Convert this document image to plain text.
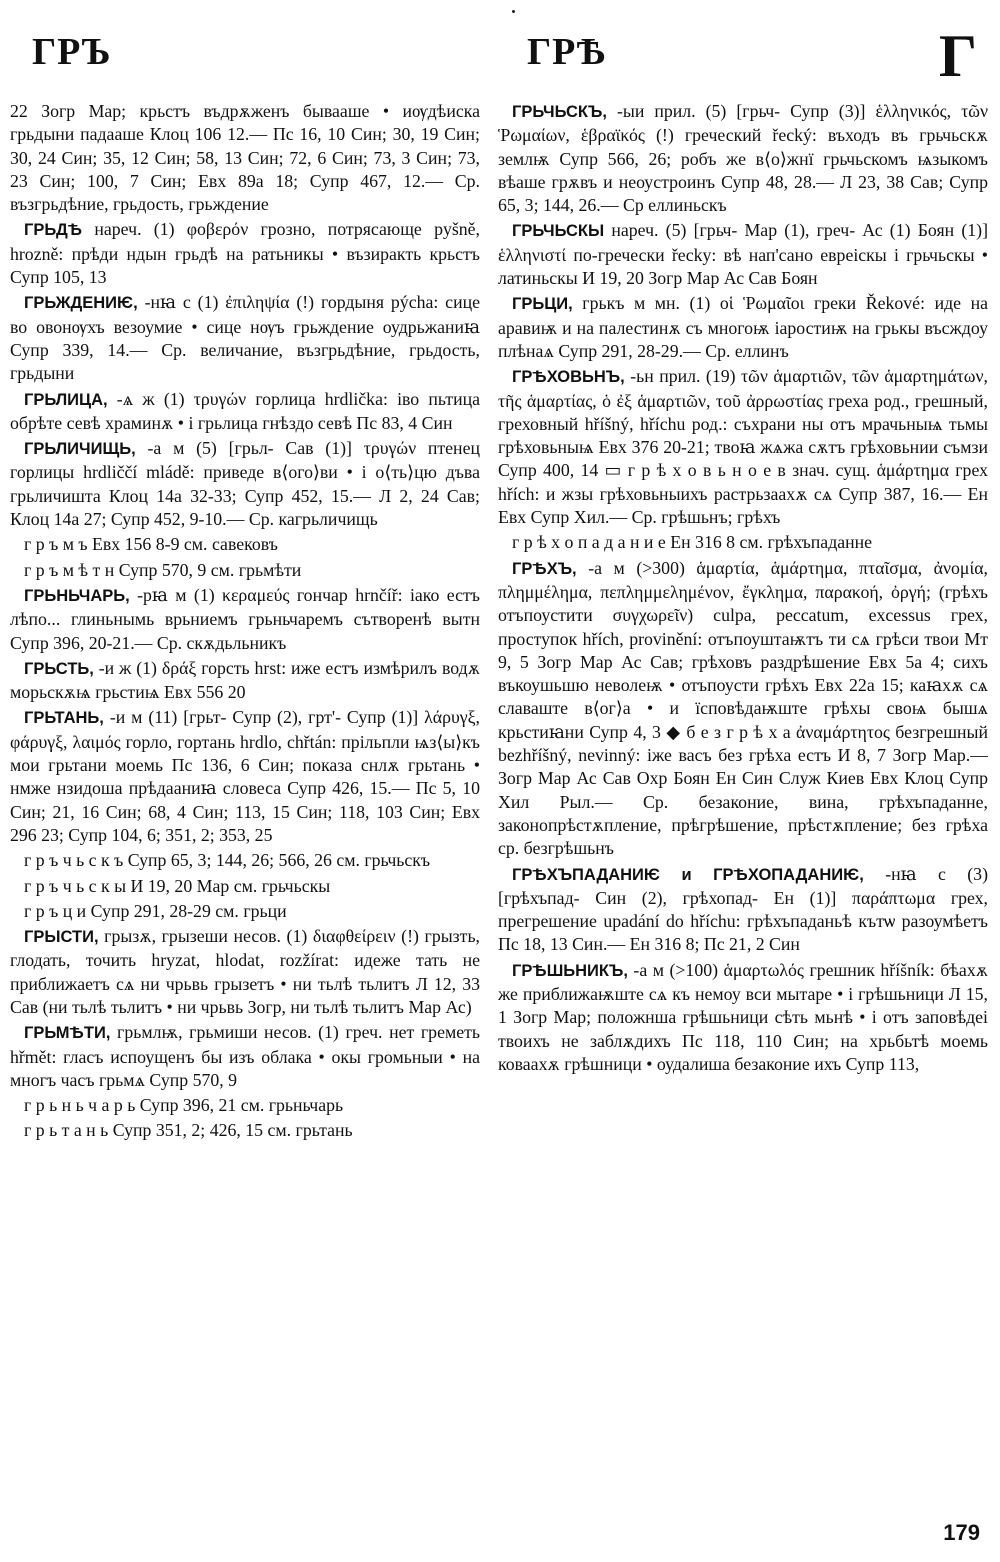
ГРЪ	ГРѢ	Г

22 Зогр Мар; крьстъ въдрѫженъ бывааше • иѹдѣиска грьдыни падааше Клоц 106 12.— Пс 16, 10 Син; 30, 19 Син; 30, 24 Син; 35, 12 Син; 58, 13 Син; 72, 6 Син; 73, 3 Син; 73, 23 Син; 100, 7 Син; Евх 89а 18; Супр 467, 12.— Ср. възгрьдѣние, грьдость, грьждение

ГРЬДѢ нареч. (1) φοβερόν грозно, потрясающе pyšně, hrozně: прѣди ндын грьдѣ на ратьникы • възиракть крьстъ Супр 105, 13

ГРЬЖДЕНИѤ, -нꙗ с (1) ἐπιληψία (!) гордыня pýcha: сице во овонѹхъ везоумие • сице нѹъ грьждение оудрьжаниꙗ Супр 339, 14.— Ср. величание, възгрьдѣние, грьдость, грьдыни

ГРЬЛИЦА, -ѧ ж (1) τρυγών горлица hrdlička: іво пьтица обрѣте севѣ храминѫ • і грьлица гнѣздо севѣ Пс 83, 4 Син

ГРЬЛИЧИЩЬ, -а м (5) [грьл- Сав (1)] τρυγών птенец горлицы hrdliččí mládě: приведе в⟨ого⟩ви • і о⟨ть⟩цю дъва грьличишта Клоц 14а 32-33; Супр 452, 15.— Л 2, 24 Сав; Клоц 14а 27; Супр 452, 9-10.— Ср. кагрьличищь

г р ъ м ъ Евх 156 8-9 см. савековъ

г р ъ м ѣ т н Супр 570, 9 см. грьмѣти

ГРЬНЬЧАРЬ, -рꙗ м (1) κεραμεύς гончар hrnčíř: іако естъ лѣпо... глиньнымь врьниемъ грьньчаремъ сътворенѣ вытн Супр 396, 20-21.— Ср. скѫдьльникъ

ГРЬСТЬ, -и ж (1) δράξ горсть hrst: иже естъ измѣрилъ водѫ морьскѫѩ грьстиѩ Евх 556 20

ГРЬТАНЬ, -и м (11) [грьт- Супр (2), грт'- Супр (1)] λάρυγξ, φάρυγξ, λαιμός горло, гортань hrdlo, chřtán: прільпли ѩз⟨ы⟩къ мои грьтани моемь Пс 136, 6 Син; показа снлѫ грьтань • нмже нзидоша прѣдааниꙗ словеса Супр 426, 15.— Пс 5, 10 Син; 21, 16 Син; 68, 4 Син; 113, 15 Син; 118, 103 Син; Евх 296 23; Супр 104, 6; 351, 2; 353, 25

г р ъ ч ь с к ъ Супр 65, 3; 144, 26; 566, 26 см. грьчьскъ

г р ъ ч ь с к ы И 19, 20 Мар см. грьчьскы

г р ъ ц и Супр 291, 28-29 см. грьци

ГРЫСТИ, грызѫ, грызеши несов. (1) διαφθείρειν (!) грызть, глодать, точить hryzat, hlodat, rozžírat: идеже тать не приближаетъ сѧ ни чрьвь грызетъ • ни тьлѣ тьлитъ Л 12, 33 Сав (ни тьлѣ тьлитъ • ни чрьвь Зогр, ни тьлѣ тьлитъ Мар Ас)

ГРЬМѢТИ, грьмлѭ, грьмиши несов. (1) греч. нет греметь hřmět: гласъ испоущенъ бы изъ облака • окы громьныи • на многъ часъ грьмѧ Супр 570, 9

г р ь н ь ч а р ь Супр 396, 21 см. грьньчарь

г р ь т а н ь Супр 351, 2; 426, 15 см. грьтань

ГРЬЧЬСКЪ, -ыи прил. (5) [грьч- Супр (3)] ἑλληνικός, τῶν Ῥωμαίων, ἑβραϊκός (!) греческий řecký: въходъ въ грьчьскѫ землѭ Супр 566, 26; робъ же в⟨о⟩жнї грьчьскомъ ѩзыкомъ вѣаше грѫвъ и неоустроинъ Супр 48, 28.— Л 23, 38 Сав; Супр 65, 3; 144, 26.— Ср еллиньскъ

ГРЬЧЬСКЫ нареч. (5) [грьч- Мар (1), греч- Ас (1) Боян (1)] ἑλληνιστί по-гречески řecky: вѣ нап'сано евреіскы і грьчьскы • латиньскы И 19, 20 Зогр Мар Ас Сав Боян

ГРЬЦИ, грькъ м мн. (1) οἱ Ῥωμαῖοι греки Řekové: иде на аравиѭ и на палестинѫ съ многоѭ іаростиѭ на грькы въсждоу плѣнаѧ Супр 291, 28-29.— Ср. еллинъ

ГРѢХОВЬНЪ, -ьн прил. (19) τῶν ἁμαρτιῶν, τῶν ἁμαρτημάτων, τῆς ἁμαρτίας, ὁ ἐξ ἁμαρτιῶν, τοῦ ἀρρωστίας греха род., грешный, греховный hříšný, hříchu род.: съхрани ны отъ мрачьныѩ тьмы грѣховьныѩ Евх 376 20-21; твоꙗ жѧжа сѫтъ грѣховьнии съмзи Супр 400, 14 ▭ г р ѣ х о в ь н о е в знач. сущ. ἁμάρτημα грех hřích: и жзы грѣховьныихъ растрьзаахѫ сѧ Супр 387, 16.— Ен Евх Супр Хил.— Ср. грѣшьнъ; грѣхъ

г р ѣ х о п а д а н и е Ен 316 8 см. грѣхъпаданне

ГРѢХЪ, -а м (>300) ἁμαρτία, ἁμάρτημα, πταῖσμα, ἀνομία, πλημμέλημα, πεπλημμελημένον, ἔγκλημα, παρακοή, ὀργή; (грѣхъ отъпоустити συγχωρεῖν) culpa, peccatum, excessus грех, проступок hřích, provinění: отъпоуштаѭтъ ти сѧ грѣси твои Мт 9, 5 Зогр Мар Ас Сав; грѣховъ раздрѣшение Евх 5а 4; сихъ въкоушьшю неволеѭ • отъпоусти грѣхъ Евх 22а 15; каꙗхѫ сѧ славаште в⟨ог⟩а • и їсповѣдаѭште грѣхы своѩ бышѧ крьстиꙗни Супр 4, 3 ◆ б е з г р ѣ х а ἀναμάρτητος безгрешный bezhříšný, nevinný: іже васъ без грѣха естъ И 8, 7 Зогр Мар.— Зогр Мар Ас Сав Охр Боян Ен Син Служ Киев Евх Клоц Супр Хил Рыл.— Ср. безаконие, вина, грѣхъпаданне, законопрѣстѫпление, прѣгрѣшение, прѣстѫпление; без грѣха ср. безгрѣшьнъ

ГРѢХЪПАДАНИѤ и ГРѢХОПАДАНИѤ, -нꙗ с (3) [грѣхъпад- Син (2), грѣхопад- Ен (1)] παράπτωμα грех, прегрешение upadání do hříchu: грѣхъпаданьѣ кътѡ разоумѣетъ Пс 18, 13 Син.— Ен 316 8; Пс 21, 2 Син

ГРѢШЬНИКЪ, -а м (>100) ἁμαρτωλός грешник hříšník: бѣахѫ же приближаѭште сѧ къ немоу вси мытаре • і грѣшьници Л 15, 1 Зогр Мар; положнша грѣшьници сѣть мьнѣ • і отъ заповѣдеі твоихъ не заблѫдихъ Пс 118, 110 Син; на хрьбьтѣ моемь коваахѫ грѣшници • оудалиша безаконие ихъ Супр 113,

179
